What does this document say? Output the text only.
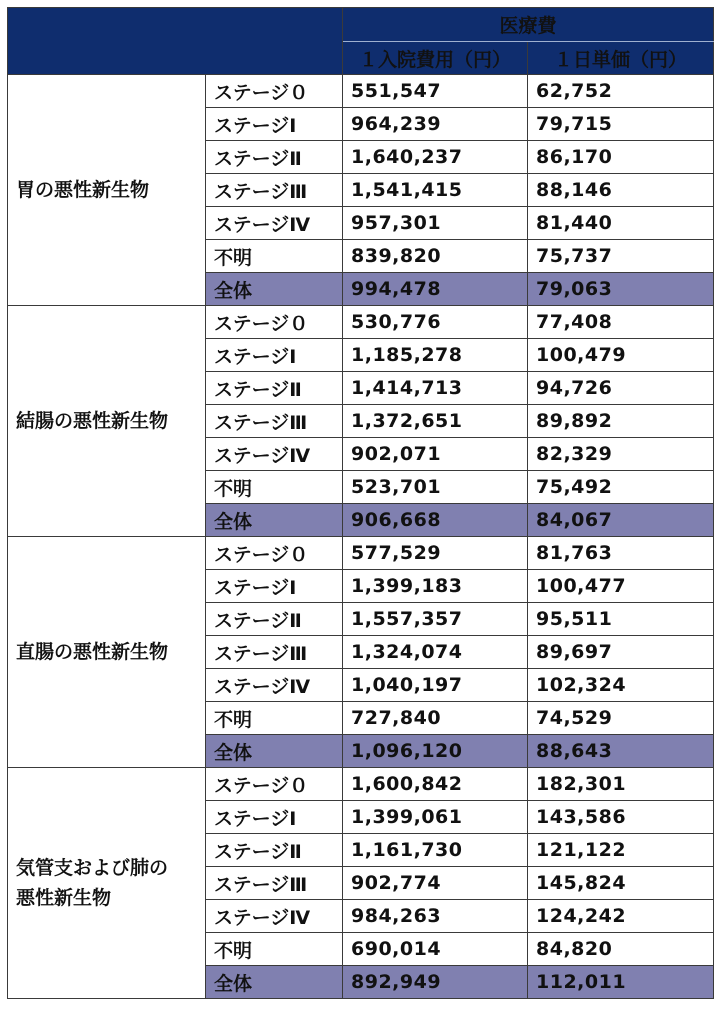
		医療費	
		１入院費用（円）	１日単価（円）
胃の悪性新生物	ステージ０	551,547	62,752
	ステージⅠ	964,239	79,715
	ステージⅡ	1,640,237	86,170
	ステージⅢ	1,541,415	88,146
	ステージⅣ	957,301	81,440
	不明	839,820	75,737
	全体	994,478	79,063
結腸の悪性新生物	ステージ０	530,776	77,408
	ステージⅠ	1,185,278	100,479
	ステージⅡ	1,414,713	94,726
	ステージⅢ	1,372,651	89,892
	ステージⅣ	902,071	82,329
	不明	523,701	75,492
	全体	906,668	84,067
直腸の悪性新生物	ステージ０	577,529	81,763
	ステージⅠ	1,399,183	100,477
	ステージⅡ	1,557,357	95,511
	ステージⅢ	1,324,074	89,697
	ステージⅣ	1,040,197	102,324
	不明	727,840	74,529
	全体	1,096,120	88,643
気管支および肺の
悪性新生物	ステージ０	1,600,842	182,301
	ステージⅠ	1,399,061	143,586
	ステージⅡ	1,161,730	121,122
	ステージⅢ	902,774	145,824
	ステージⅣ	984,263	124,242
	不明	690,014	84,820
	全体	892,949	112,011
